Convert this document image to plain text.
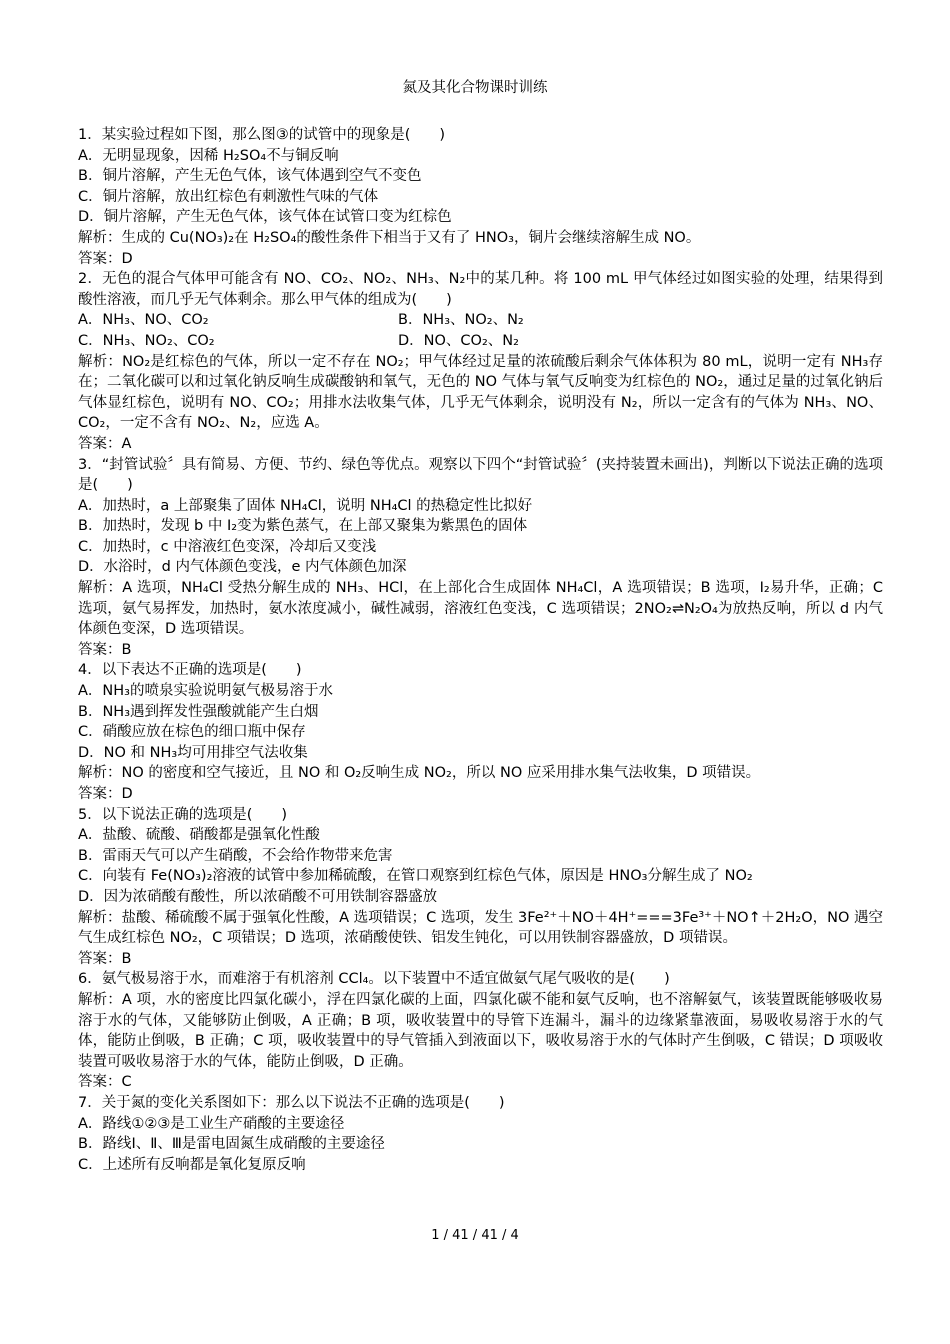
氮及其化合物课时训练
1．某实验过程如下图，那么图③的试管中的现象是(　　)
A．无明显现象，因稀 H₂SO₄不与铜反响
B．铜片溶解，产生无色气体，该气体遇到空气不变色
C．铜片溶解，放出红棕色有刺激性气味的气体
D．铜片溶解，产生无色气体，该气体在试管口变为红棕色
解析：生成的 Cu(NO₃)₂在 H₂SO₄的酸性条件下相当于又有了 HNO₃，铜片会继续溶解生成 NO。
答案：D
2．无色的混合气体甲可能含有 NO、CO₂、NO₂、NH₃、N₂中的某几种。将 100 mL 甲气体经过如图实验的处理，结果得到酸性溶液，而几乎无气体剩余。那么甲气体的组成为(　　)
A．NH₃、NO、CO₂	B．NH₃、NO₂、N₂
C．NH₃、NO₂、CO₂	D．NO、CO₂、N₂
解析：NO₂是红棕色的气体，所以一定不存在 NO₂；甲气体经过足量的浓硫酸后剩余气体体积为 80 mL，说明一定有 NH₃存在；二氧化碳可以和过氧化钠反响生成碳酸钠和氧气，无色的 NO 气体与氧气反响变为红棕色的 NO₂，通过足量的过氧化钠后气体显红棕色，说明有 NO、CO₂；用排水法收集气体，几乎无气体剩余，说明没有 N₂，所以一定含有的气体为 NH₃、NO、CO₂，一定不含有 NO₂、N₂，应选 A。
答案：A
3．“封管试验〞具有简易、方便、节约、绿色等优点。观察以下四个“封管试验〞(夹持装置未画出)，判断以下说法正确的选项是(　　)
A．加热时，a 上部聚集了固体 NH₄Cl，说明 NH₄Cl 的热稳定性比拟好
B．加热时，发现 b 中 I₂变为紫色蒸气，在上部又聚集为紫黑色的固体
C．加热时，c 中溶液红色变深，冷却后又变浅
D．水浴时，d 内气体颜色变浅，e 内气体颜色加深
解析：A 选项，NH₄Cl 受热分解生成的 NH₃、HCl，在上部化合生成固体 NH₄Cl，A 选项错误；B 选项，I₂易升华，正确；C 选项，氨气易挥发，加热时，氨水浓度减小，碱性减弱，溶液红色变浅，C 选项错误；2NO₂⇌N₂O₄为放热反响，所以 d 内气体颜色变深，D 选项错误。
答案：B
4．以下表达不正确的选项是(　　)
A．NH₃的喷泉实验说明氨气极易溶于水
B．NH₃遇到挥发性强酸就能产生白烟
C．硝酸应放在棕色的细口瓶中保存
D．NO 和 NH₃均可用排空气法收集
解析：NO 的密度和空气接近，且 NO 和 O₂反响生成 NO₂，所以 NO 应采用排水集气法收集，D 项错误。
答案：D
5．以下说法正确的选项是(　　)
A．盐酸、硫酸、硝酸都是强氧化性酸
B．雷雨天气可以产生硝酸，不会给作物带来危害
C．向装有 Fe(NO₃)₂溶液的试管中参加稀硫酸，在管口观察到红棕色气体，原因是 HNO₃分解生成了 NO₂
D．因为浓硝酸有酸性，所以浓硝酸不可用铁制容器盛放
解析：盐酸、稀硫酸不属于强氧化性酸，A 选项错误；C 选项，发生 3Fe²⁺＋NO＋4H⁺===3Fe³⁺＋NO↑＋2H₂O，NO 遇空气生成红棕色 NO₂，C 项错误；D 选项，浓硝酸使铁、铝发生钝化，可以用铁制容器盛放，D 项错误。
答案：B
6．氨气极易溶于水，而难溶于有机溶剂 CCl₄。以下装置中不适宜做氨气尾气吸收的是(　　)
解析：A 项，水的密度比四氯化碳小，浮在四氯化碳的上面，四氯化碳不能和氨气反响，也不溶解氨气，该装置既能够吸收易溶于水的气体，又能够防止倒吸，A 正确；B 项，吸收装置中的导管下连漏斗，漏斗的边缘紧靠液面，易吸收易溶于水的气体，能防止倒吸，B 正确；C 项，吸收装置中的导气管插入到液面以下，吸收易溶于水的气体时产生倒吸，C 错误；D 项吸收装置可吸收易溶于水的气体，能防止倒吸，D 正确。
答案：C
7．关于氮的变化关系图如下：那么以下说法不正确的选项是(　　)
A．路线①②③是工业生产硝酸的主要途径
B．路线Ⅰ、Ⅱ、Ⅲ是雷电固氮生成硝酸的主要途径
C．上述所有反响都是氧化复原反响
1 / 41 / 41 / 4
